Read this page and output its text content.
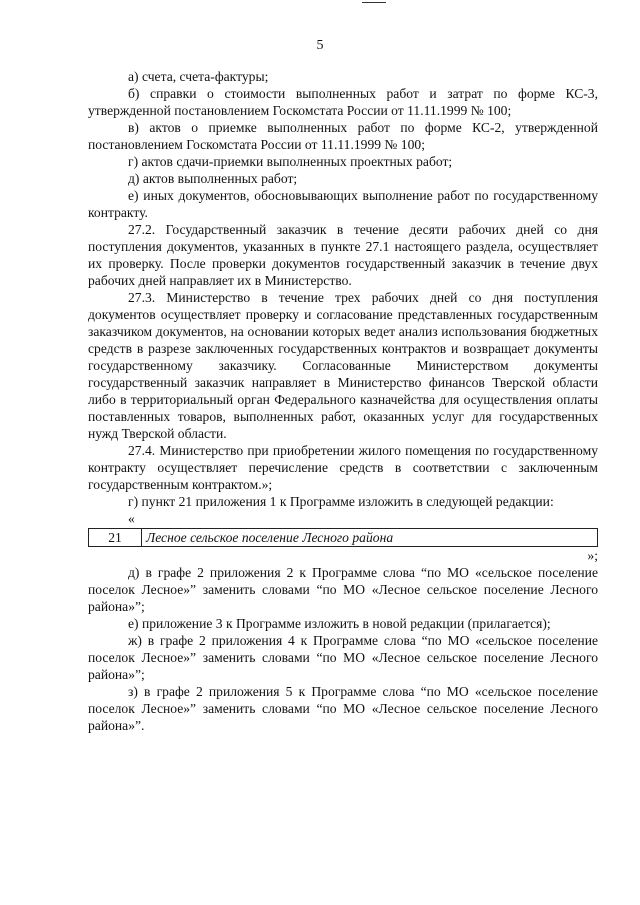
5

а) счета, счета-фактуры;

б) справки о стоимости выполненных работ и затрат по форме КС-3, утвержденной постановлением Госкомстата России от 11.11.1999 № 100;

в) актов о приемке выполненных работ по форме КС-2, утвержденной постановлением Госкомстата России от 11.11.1999 № 100;

г) актов сдачи-приемки выполненных проектных работ;

д) актов выполненных работ;

е) иных документов, обосновывающих выполнение работ по государственному контракту.

27.2. Государственный заказчик в течение десяти рабочих дней со дня поступления документов, указанных в пункте 27.1 настоящего раздела, осуществляет их проверку. После проверки документов государственный заказчик в течение двух рабочих дней направляет их в Министерство.

27.3. Министерство в течение трех рабочих дней со дня поступления документов осуществляет проверку и согласование представленных государственным заказчиком документов, на основании которых ведет анализ использования бюджетных средств в разрезе заключенных государственных контрактов и возвращает документы государственному заказчику. Согласованные Министерством документы государственный заказчик направляет в Министерство финансов Тверской области либо в территориальный орган Федерального казначейства для осуществления оплаты поставленных товаров, выполненных работ, оказанных услуг для государственных нужд Тверской области.

27.4. Министерство при приобретении жилого помещения по государственному контракту осуществляет перечисление средств в соответствии с заключенным государственным контрактом.»;

г) пункт 21 приложения 1 к Программе изложить в следующей редакции:

«
21	Лесное сельское поселение Лесного района
»;

д) в графе 2 приложения 2 к Программе слова “по МО «сельское поселение поселок Лесное»” заменить словами “по МО «Лесное сельское поселение Лесного района»”;

е) приложение 3 к Программе изложить в новой редакции (прилагается);

ж) в графе 2 приложения 4 к Программе слова “по МО «сельское поселение поселок Лесное»” заменить словами “по МО «Лесное сельское поселение Лесного района»”;

з) в графе 2 приложения 5 к Программе слова “по МО «сельское поселение поселок Лесное»” заменить словами “по МО «Лесное сельское поселение Лесного района»”.
